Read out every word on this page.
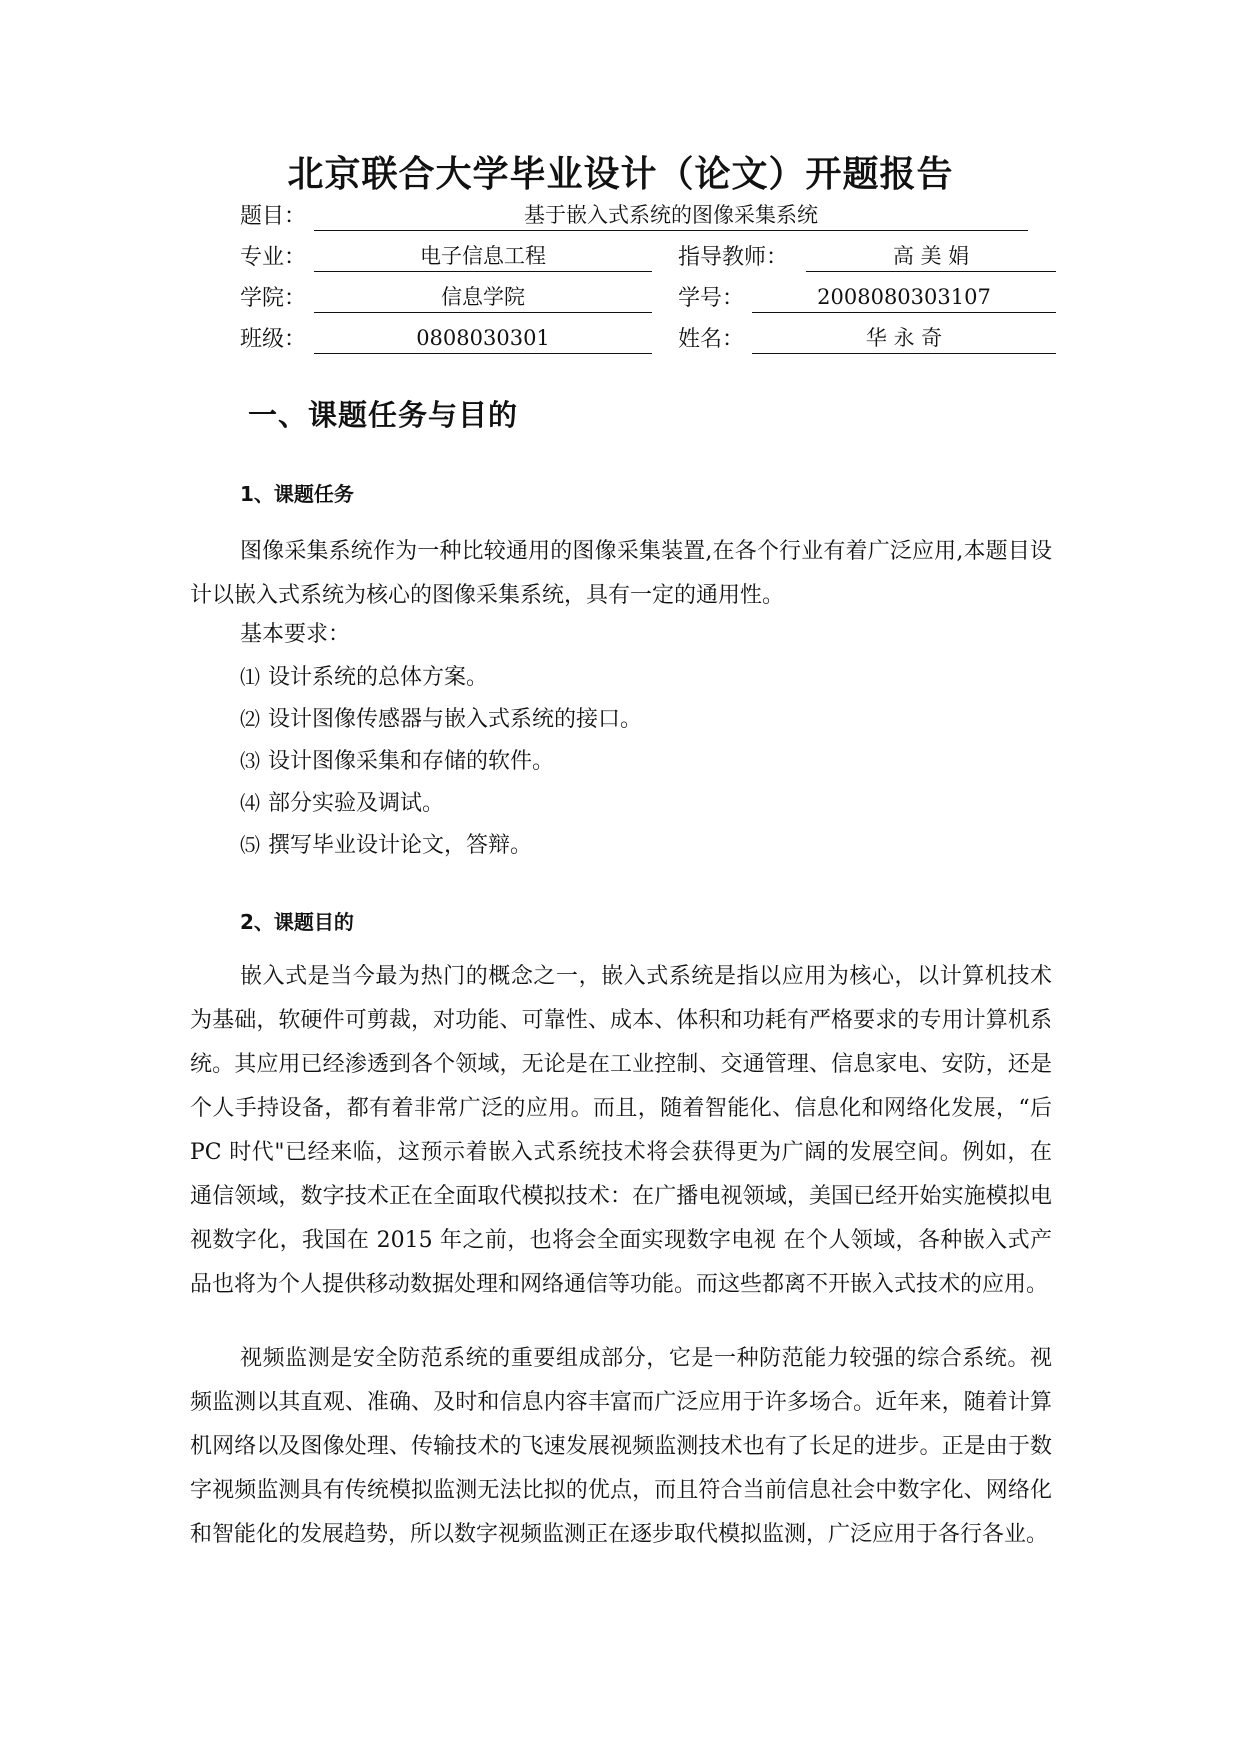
北京联合大学毕业设计（论文）开题报告
题目：	基于嵌入式系统的图像采集系统
专业：	电子信息工程	指导教师：	高 美 娟
学院：	信息学院	学号：	2008080303107
班级：	0808030301	姓名：	华 永 奇
一、课题任务与目的
1、课题任务
图像采集系统作为一种比较通用的图像采集装置,在各个行业有着广泛应用,本题目设计以嵌入式系统为核心的图像采集系统，具有一定的通用性。
基本要求：
⑴ 设计系统的总体方案。
⑵ 设计图像传感器与嵌入式系统的接口。
⑶ 设计图像采集和存储的软件。
⑷ 部分实验及调试。
⑸ 撰写毕业设计论文，答辩。
2、课题目的
嵌入式是当今最为热门的概念之一，嵌入式系统是指以应用为核心，以计算机技术为基础，软硬件可剪裁，对功能、可靠性、成本、体积和功耗有严格要求的专用计算机系统。其应用已经渗透到各个领域，无论是在工业控制、交通管理、信息家电、安防，还是个人手持设备，都有着非常广泛的应用。而且，随着智能化、信息化和网络化发展，“后 PC 时代"已经来临，这预示着嵌入式系统技术将会获得更为广阔的发展空间。例如，在通信领域，数字技术正在全面取代模拟技术：在广播电视领域，美国已经开始实施模拟电视数字化，我国在 2015 年之前，也将会全面实现数字电视 在个人领域，各种嵌入式产品也将为个人提供移动数据处理和网络通信等功能。而这些都离不开嵌入式技术的应用。
视频监测是安全防范系统的重要组成部分，它是一种防范能力较强的综合系统。视频监测以其直观、准确、及时和信息内容丰富而广泛应用于许多场合。近年来，随着计算机网络以及图像处理、传输技术的飞速发展视频监测技术也有了长足的进步。正是由于数字视频监测具有传统模拟监测无法比拟的优点，而且符合当前信息社会中数字化、网络化和智能化的发展趋势，所以数字视频监测正在逐步取代模拟监测，广泛应用于各行各业。
